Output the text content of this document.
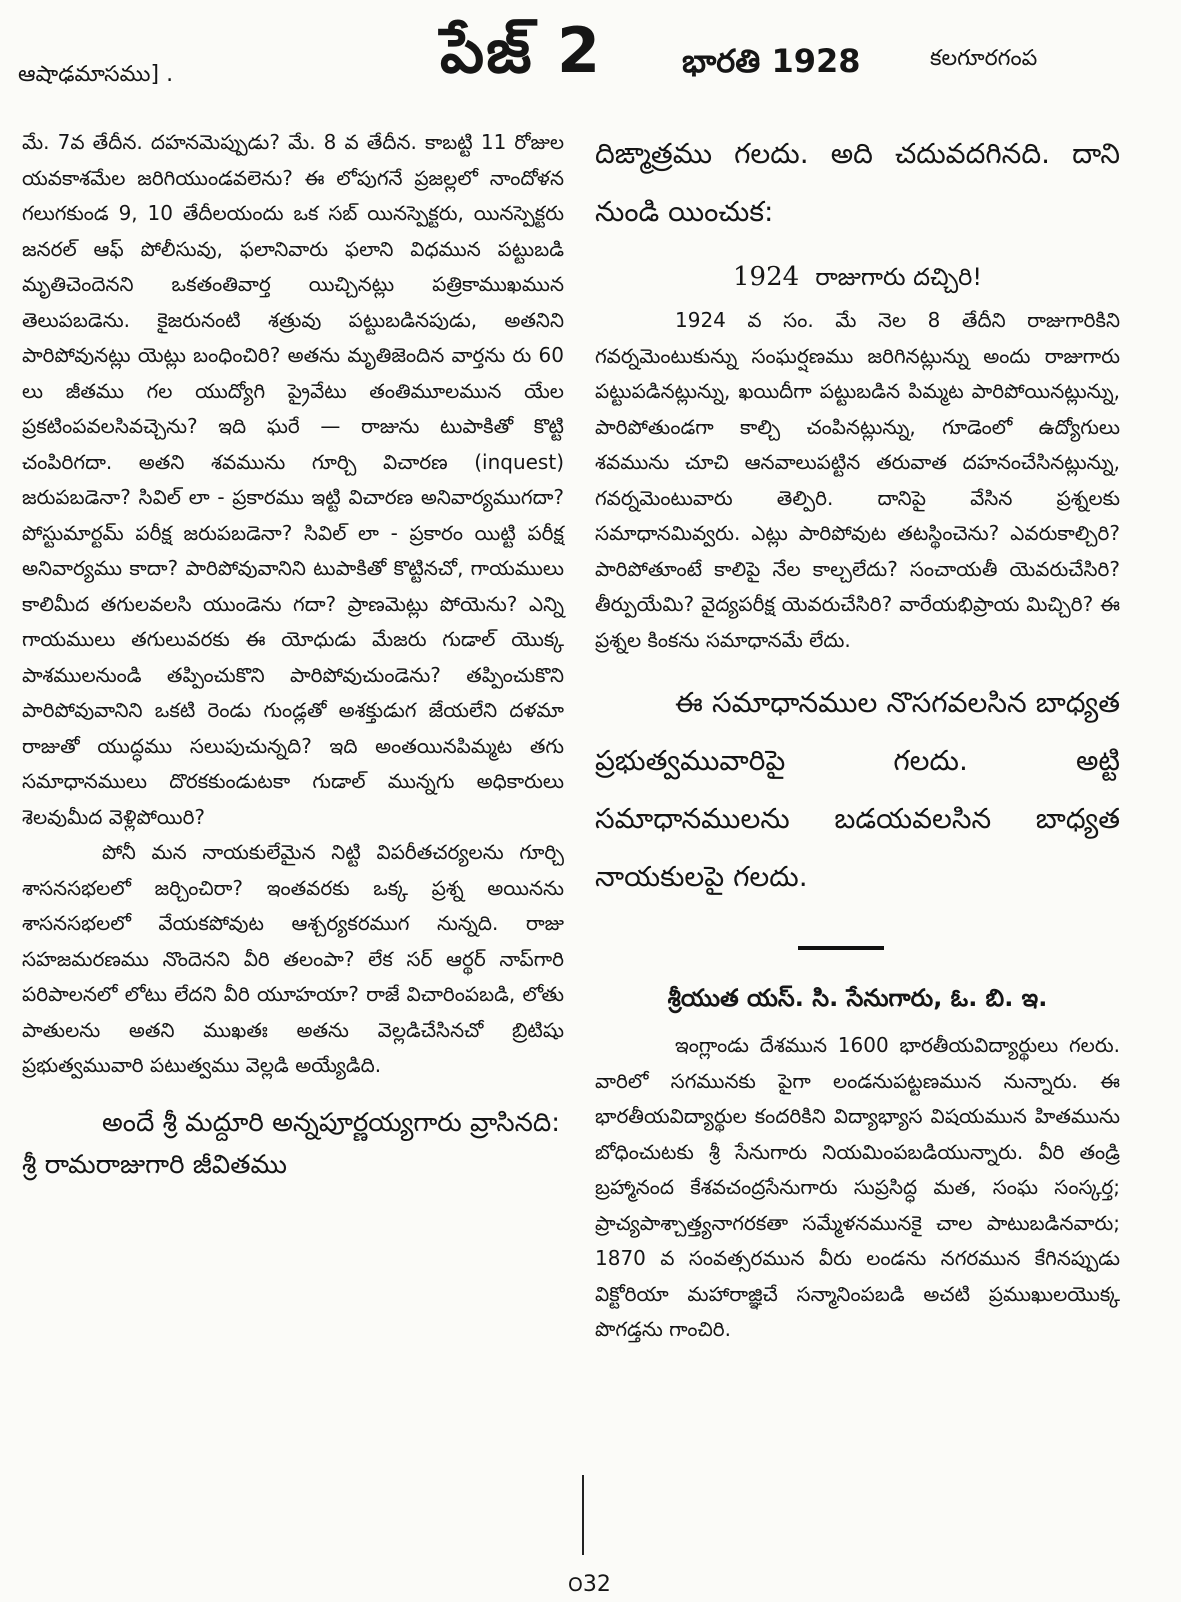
ఆషాఢమాసము] .	పేజ్ 2 భారతి 1928	కలగూరగంప

మే. 7వ తేదీన. దహనమెప్పుడు? మే. 8 వ తేదీన. కాబట్టి 11 రోజుల యవకాశమేల జరిగియుండవలెను? ఈ లోపుగనే ప్రజల్లలో నాందోళన గలుగకుండ 9, 10 తేదీలయందు ఒక సబ్ యినస్పెక్టరు, యినస్పెక్టరు జనరల్ ఆఫ్ పోలీసువు, ఫలానివారు ఫలాని విధమున పట్టుబడి మృతిచెందెనని ఒకతంతివార్త యిచ్చినట్లు పత్రికాముఖమున తెలుపబడెను. కైజరునంటి శత్రువు పట్టుబడినపుడు, అతనిని పారిపోవునట్లు యెట్లు బంధించిరి? అతను మృతిజెందిన వార్తను రు 60 లు జీతము గల యుద్యోగి ప్రైవేటు తంతిమూలమున యేల ప్రకటింపవలసివచ్చెను? ఇది ఘరే — రాజును టుపాకితో కొట్టి చంపిరిగదా. అతని శవమును గూర్చి విచారణ (inquest) జరుపబడెనా? సివిల్ లా - ప్రకారము ఇట్టి విచారణ అనివార్యముగదా? పోస్టుమార్టమ్ పరీక్ష జరుపబడెనా? సివిల్ లా - ప్రకారం యిట్టి పరీక్ష అనివార్యము కాదా? పారిపోవువానిని టుపాకితో కొట్టినచో, గాయములు కాలిమీద తగులవలసి యుండెను గదా? ప్రాణమెట్లు పోయెను? ఎన్ని గాయములు తగులువరకు ఈ యోధుడు మేజరు గుడాల్ యొక్క పాశములనుండి తప్పించుకొని పారిపోవుచుండెను? తప్పించుకొని పారిపోవువానిని ఒకటి రెండు గుండ్లతో అశక్తుడుగ జేయలేని దళమా రాజుతో యుద్ధము సలుపుచున్నది? ఇది అంతయినపిమ్మట తగు సమాధానములు దొరకకుండుటకా గుడాల్ మున్నగు అధికారులు శెలవుమీద వెళ్లిపోయిరి?

పోనీ మన నాయకులేమైన నిట్టి విపరీతచర్యలను గూర్చి శాసనసభలలో జర్చించిరా? ఇంతవరకు ఒక్క ప్రశ్న అయినను శాసనసభలలో వేయకపోవుట ఆశ్చర్యకరముగ నున్నది. రాజు సహజమరణము నొందెనని వీరి తలంపా? లేక సర్ ఆర్థర్ నాప్‌గారి పరిపాలనలో లోటు లేదని వీరి యూహయా? రాజే విచారింపబడి, లోతు పాతులను అతని ముఖతః అతను వెల్లడిచేసినచో బ్రిటిషు ప్రభుత్వమువారి పటుత్వము వెల్లడి అయ్యేడిది.

అందే శ్రీ మద్దూరి అన్నపూర్ణయ్యగారు వ్రాసినది: శ్రీ రామరాజుగారి జీవితము

దిఙ్మాత్రము గలదు. అది చదువదగినది. దాని నుండి యించుక:

1924 రాజుగారు దచ్చిరి!

1924 వ సం. మే నెల 8 తేదీని రాజుగారికిని గవర్నమెంటుకున్ను సంఘర్షణము జరిగినట్లున్ను అందు రాజుగారు పట్టుపడినట్లున్ను, ఖయిదీగా పట్టుబడిన పిమ్మట పారిపోయినట్లున్ను, పారిపోతుండగా కాల్చి చంపినట్లున్ను, గూడెంలో ఉద్యోగులు శవమును చూచి ఆనవాలుపట్టిన తరువాత దహనంచేసినట్లున్ను, గవర్నమెంటువారు తెల్పిరి. దానిపై వేసిన ప్రశ్నలకు సమాధానమివ్వరు. ఎట్లు పారిపోవుట తటస్థించెను? ఎవరుకాల్చిరి? పారిపోతూంటే కాలిపై నేల కాల్చలేదు? సంచాయతీ యెవరుచేసిరి? తీర్పుయేమి? వైద్యపరీక్ష యెవరుచేసిరి? వారేయభిప్రాయ మిచ్చిరి? ఈ ప్రశ్నల కింకను సమాధానమే లేదు.

ఈ సమాధానముల నొసగవలసిన బాధ్యత ప్రభుత్వమువారిపై గలదు. అట్టి సమాధానములను బడయవలసిన బాధ్యత నాయకులపై గలదు.

శ్రీయుత యస్. సి. సేనుగారు, ఓ. బి. ఇ.

ఇంగ్లాండు దేశమున 1600 భారతీయవిద్యార్థులు గలరు. వారిలో సగమునకు పైగా లండనుపట్టణమున నున్నారు. ఈ భారతీయవిద్యార్థుల కందరికిని విద్యాభ్యాస విషయమున హితమును బోధించుటకు శ్రీ సేనుగారు నియమింపబడియున్నారు. వీరి తండ్రి బ్రహ్మానంద కేశవచంద్రసేనుగారు సుప్రసిద్ధ మత, సంఘ సంస్కర్త; ప్రాచ్యపాశ్చాత్త్యనాగరకతా సమ్మేళనమునకై చాల పాటుబడినవారు; 1870 వ సంవత్సరమున వీరు లండను నగరమున కేగినప్పుడు విక్టోరియా మహారాజ్ఞిచే సన్మానింపబడి అచటి ప్రముఖులయొక్క పొగడ్తను గాంచిరి.

౦32
